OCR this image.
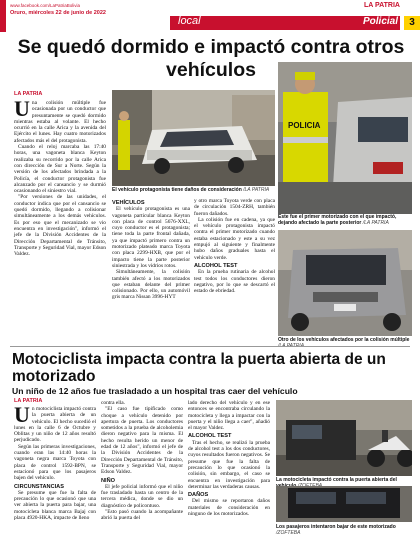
www.facebook.com/LaPatriaBolivia
Oruro, miércoles 22 de junio de 2022
local
LA PATRIA
Policial	3
Se quedó dormido e impactó contra otros vehículos
LA PATRIA
U na colisión múltiple fue ocasionada por un conductor que presuntamente se quedó dormido mientras estaba al volante. El hecho ocurrió en la calle Arica y la avenida del Ejército el lunes. Hay cuatro motorizados afectados más el del protagonista.

Cuando el reloj marcaba las 17:40 horas, una vagoneta blanca Keyton realizaba su recorrido por la calle Arica con dirección de Sur a Norte. Según la versión de los afectados brindada a la Policía, el conductor protagonista fue alcanzado por el cansancio y se durmió ocasionando el siniestro vial.

"Por versiones de las unidades, el conductor indica que por el cansancio se quedó dormido, llegando a colisionar simultáneamente a los demás vehículos. Es por eso que el mecanizado se vio encuentra en investigación", informó el jefe de la División Accidentes de la Dirección Departamental de Tránsito, Transporte y Seguridad Vial, mayor Edson Valdez.

El vehículo protagonista tiene daños de consideración /LA PATRIA
POLICIA
Este fue el primer motorizado con el que impactó, dejando afectado la parte posterior /LA PATRIA
VEHÍCULOS

El vehículo protagonista es una vagoneta particular blanca Keyton con placa de control 5676-XXL, cuyo conductor es el protagonista; tiene toda la parte frontal dañada, ya que impactó primero contra un motorizado plateado marca Toyota con placa 2299-HXB, que por el impacto tiene la parte posterior siniestrada y los vidrios rotos.

Simultáneamente, la colisión también afectó a los motorizados que estaban delante del primer colisionado. Por ello, un automóvil gris marca Nissan 3996-HYT

y otro marca Toyota verde con placa de circulación 1504-ZRH, también fueron dañados.

La colisión fue en cadena, ya que el vehículo protagonista impactó contra el primer motorizado cuando estaba estacionado y este a su vez empujó al siguiente y finalmente hubo daños graduales hasta el vehículo verde.

ALCOHOL TEST

En la prueba rutinaria de alcohol test todos los conductores dieron negativo, por lo que se descartó el estado de ebriedad.

Otro de los vehículos afectados por la colisión múltiple
Motociclista impacta contra la puerta abierta de un motorizado
Un niño de 12 años fue trasladado a un hospital tras caer del vehículo
LA PATRIA
U n motociclista impactó contra la puerta abierta de un vehículo. El hecho sucedió el lunes en la calle 6 de Octubre y Oblitas y un niño de 12 años resultó perjudicado.

Según las primeras investigaciones, cuando eran las 14:40 horas la vagoneta negra marca Toyota con placa de control 1592-BPN, se estacionó para que los pasajeros bajen del vehículo.

CIRCUNSTANCIAS

Se presume que fue la falta de precaución lo que ocasionó que una ver abierta la puerta para bajar, una motocicleta blanca marca Bajaj con placa 4920-HKA, impacte de lleno

contra ella.

"El caso fue tipificado como choque a vehículo detenido por apertura de puerta. Los conductores sometidos a la prueba de alcoholemia dieron negativo para la misma. El hecho resulta herido un menor de edad de 12 años", informó el jefe de la División Accidentes de la Dirección Departamental de Tránsito, Transporte y Seguridad Vial, mayor Edson Valdez.

NIÑO

El jefe policial informó que el niño fue trasladado hasta un centro de la tercera médica, donde se dio un diagnóstico de policontuso.

"Esto pasó cuando la acompañante abrió la puerta del

lado derecho del vehículo y en ese entonces se encontraba circulando la motocicleta y llega a impactar con la puerta y el niño llega a caer", añadió el mayor Valdez.

ALCOHOL TEST

Tras el hecho, se realizó la prueba de alcohol test a los dos conductores, cuyos resultados fueron negativos. Se presume que fue la falta de precaución lo que ocasionó la colisión, sin embargo, el caso se encuentra en investigación para determinar las verdaderas causas.

DAÑOS

Del mismo se reportaron daños materiales de consideración en ninguno de los motorizados.

La motocicleta impactó contra la puerta abierta del
Los pasajeros intentaron bajar de este motorizado /ZOFTEBA
